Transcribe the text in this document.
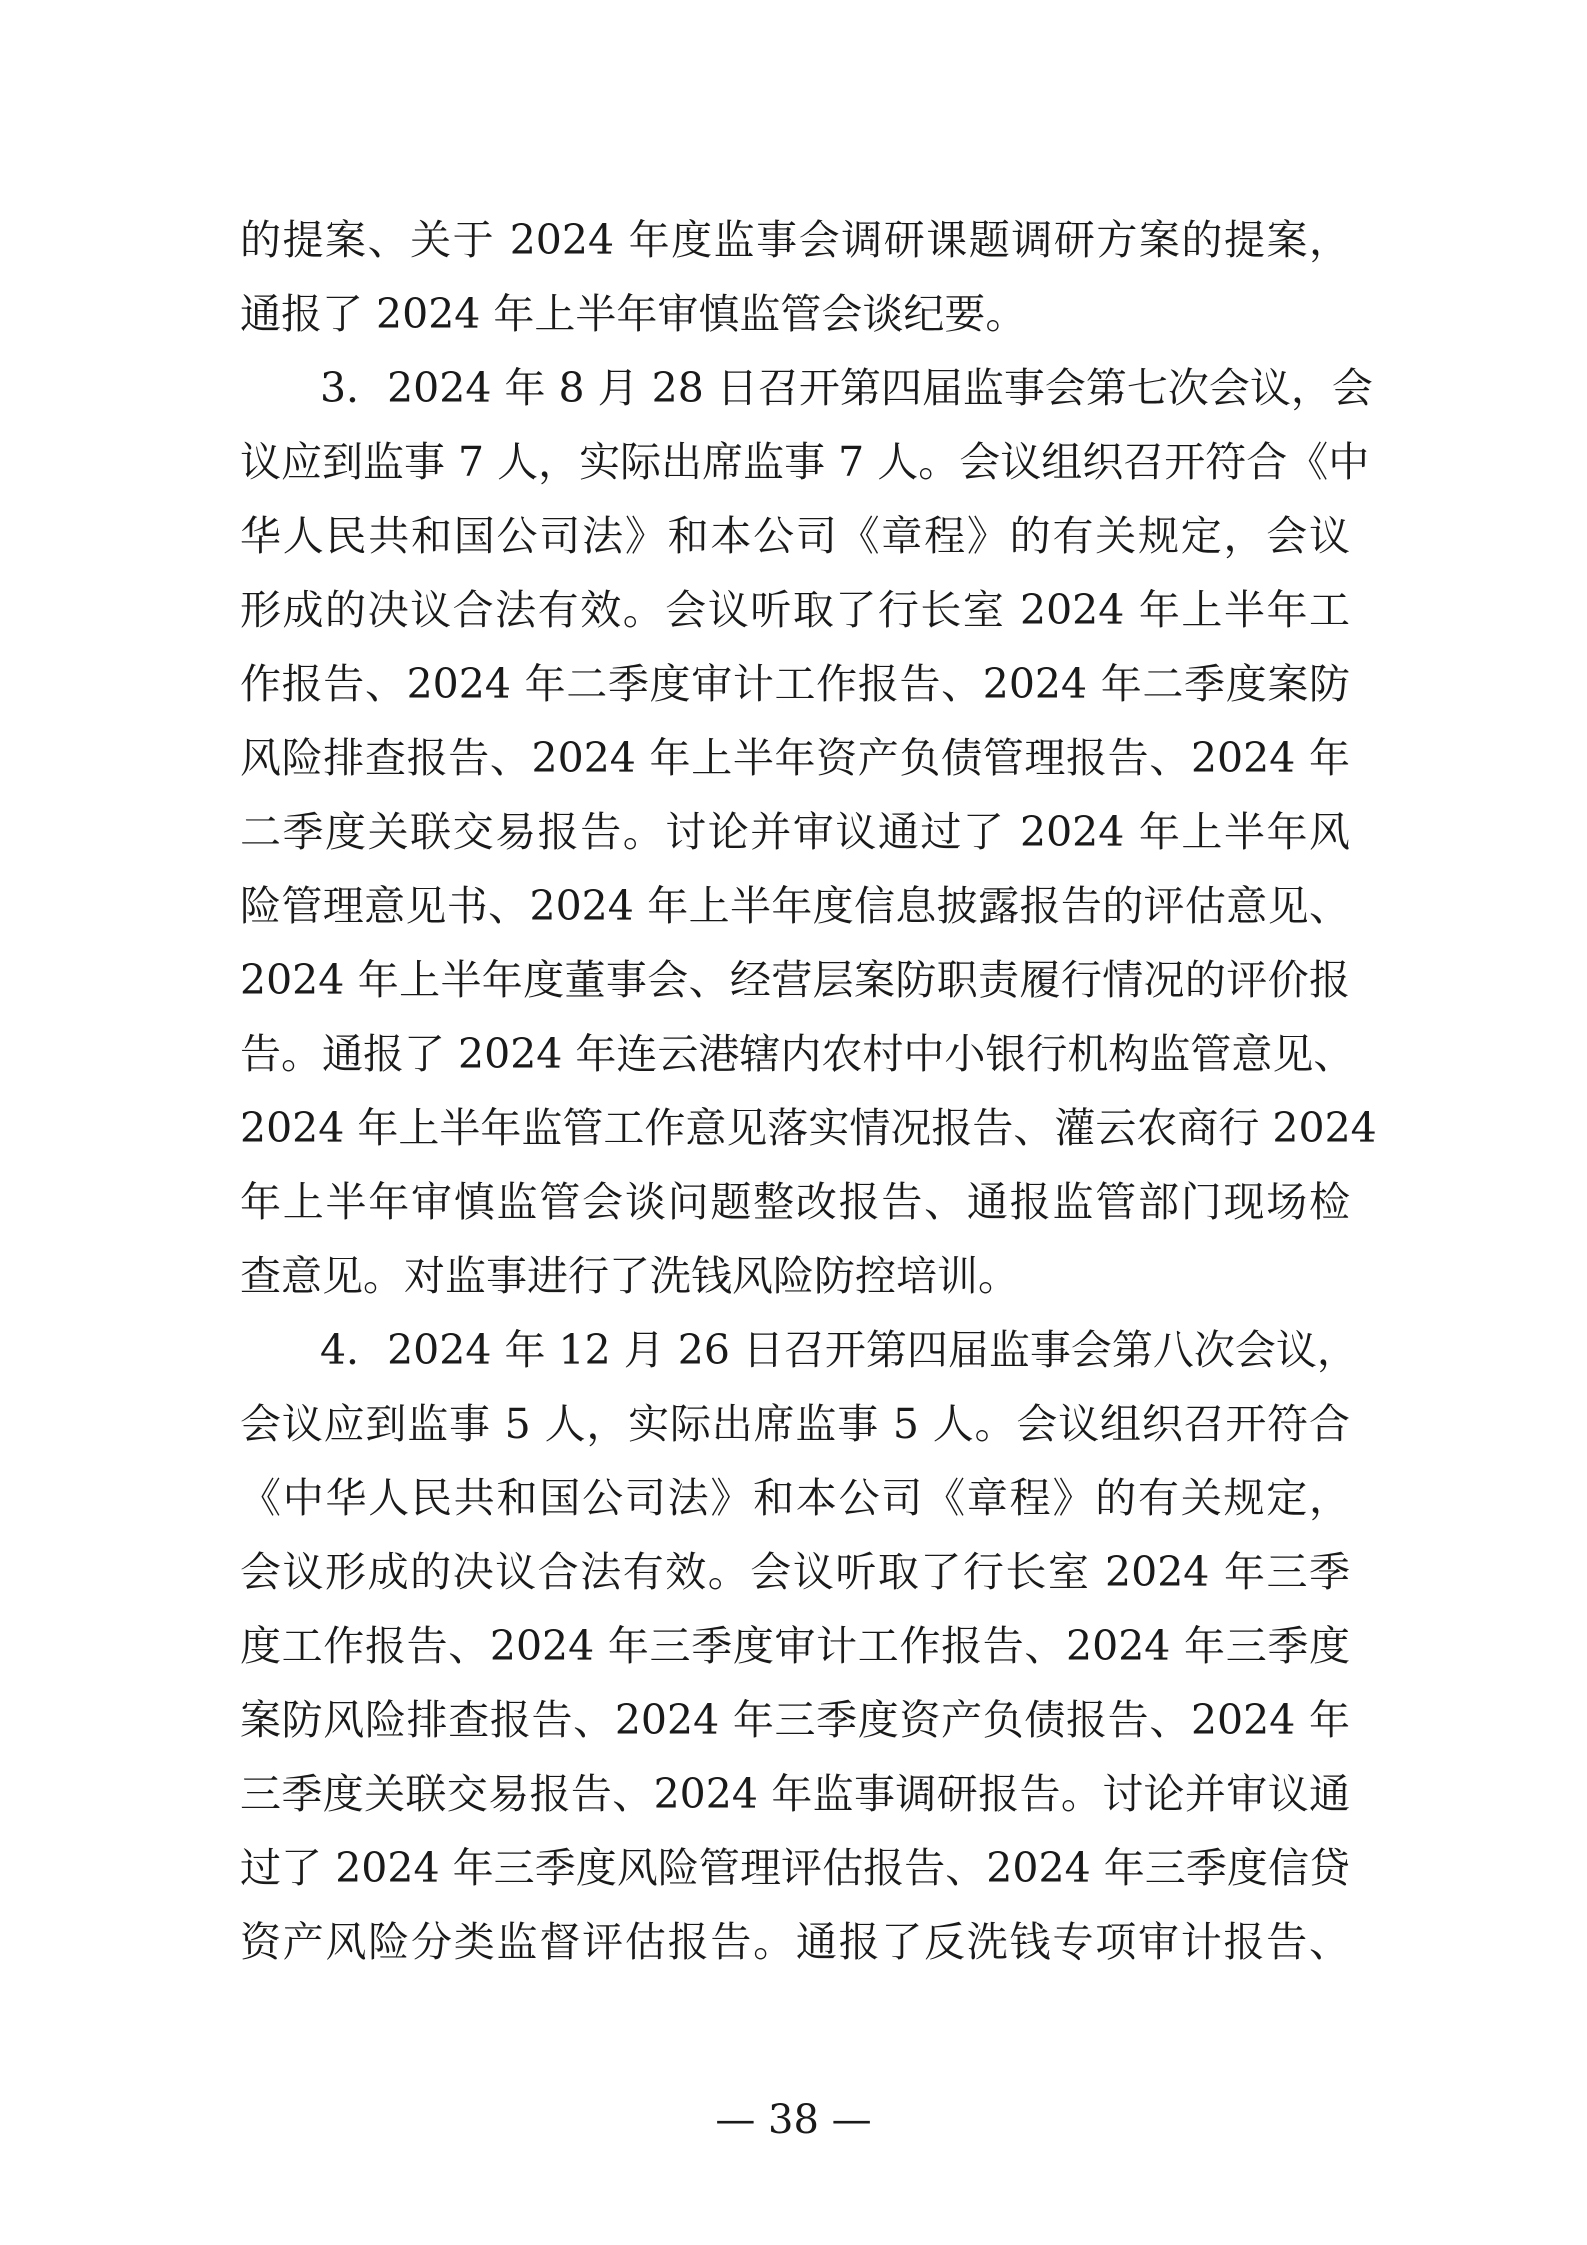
的提案、关于 2024 年度监事会调研课题调研方案的提案，
通报了 2024 年上半年审慎监管会谈纪要。
3．2024 年 8 月 28 日召开第四届监事会第七次会议，会
议应到监事 7 人，实际出席监事 7 人。会议组织召开符合《中
华人民共和国公司法》和本公司《章程》的有关规定，会议
形成的决议合法有效。会议听取了行长室 2024 年上半年工
作报告、2024 年二季度审计工作报告、2024 年二季度案防
风险排查报告、2024 年上半年资产负债管理报告、2024 年
二季度关联交易报告。讨论并审议通过了 2024 年上半年风
险管理意见书、2024 年上半年度信息披露报告的评估意见、
2024 年上半年度董事会、经营层案防职责履行情况的评价报
告。通报了 2024 年连云港辖内农村中小银行机构监管意见、
2024 年上半年监管工作意见落实情况报告、灌云农商行 2024
年上半年审慎监管会谈问题整改报告、通报监管部门现场检
查意见。对监事进行了洗钱风险防控培训。
4．2024 年 12 月 26 日召开第四届监事会第八次会议，
会议应到监事 5 人，实际出席监事 5 人。会议组织召开符合
《中华人民共和国公司法》和本公司《章程》的有关规定，
会议形成的决议合法有效。会议听取了行长室 2024 年三季
度工作报告、2024 年三季度审计工作报告、2024 年三季度
案防风险排查报告、2024 年三季度资产负债报告、2024 年
三季度关联交易报告、2024 年监事调研报告。讨论并审议通
过了 2024 年三季度风险管理评估报告、2024 年三季度信贷
资产风险分类监督评估报告。通报了反洗钱专项审计报告、
— 38 —
